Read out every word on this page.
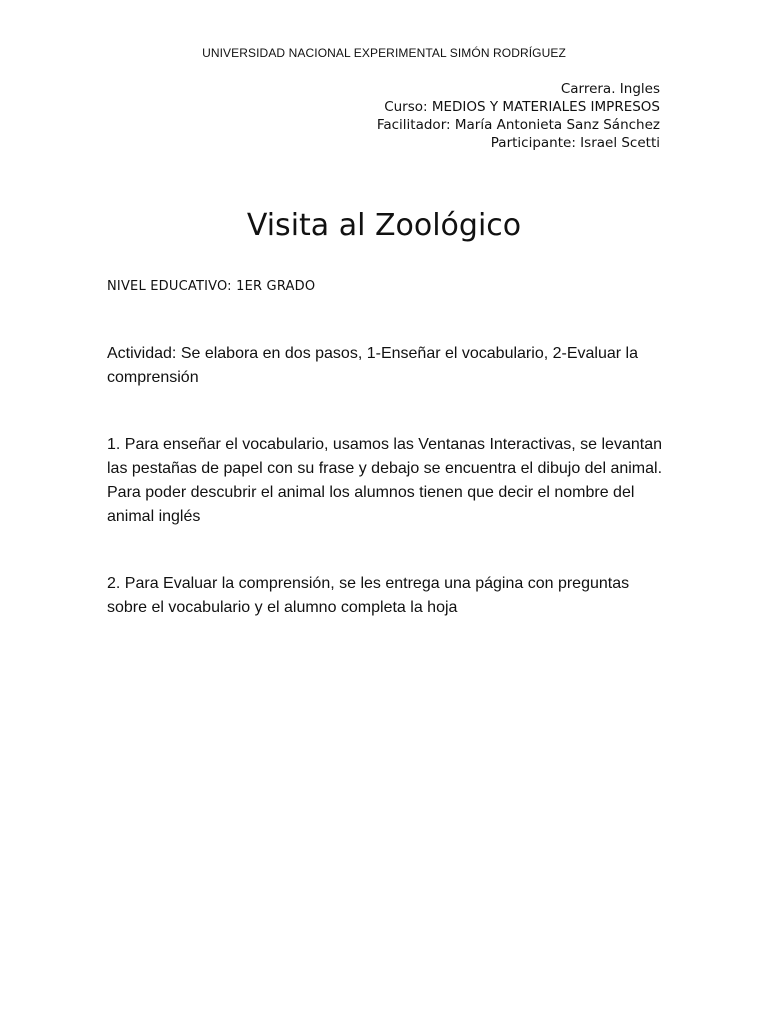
UNIVERSIDAD NACIONAL EXPERIMENTAL SIMÓN RODRÍGUEZ
Carrera. Ingles
Curso: MEDIOS Y MATERIALES IMPRESOS
Facilitador: María Antonieta Sanz Sánchez
Participante: Israel Scetti
Visita al Zoológico
NIVEL EDUCATIVO: 1ER GRADO

Actividad: Se elabora en dos pasos, 1-Enseñar el vocabulario, 2-Evaluar la comprensión

1. Para enseñar el vocabulario, usamos las Ventanas Interactivas, se levantan las pestañas de papel con su frase y debajo se encuentra el dibujo del animal. Para poder descubrir el animal los alumnos tienen que decir el nombre del animal inglés

2. Para Evaluar la comprensión, se les entrega una página con preguntas sobre el vocabulario y el alumno completa la hoja
